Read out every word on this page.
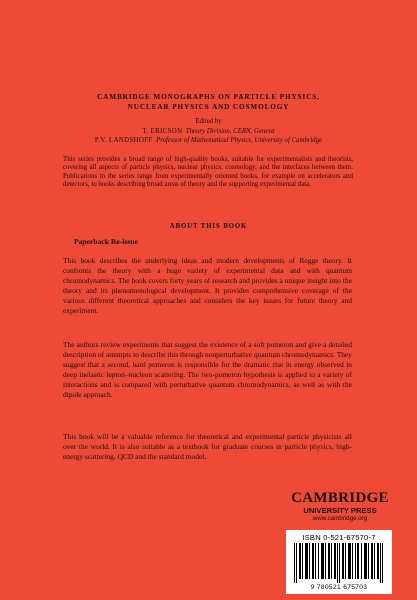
CAMBRIDGE MONOGRAPHS ON PARTICLE PHYSICS,
NUCLEAR PHYSICS AND COSMOLOGY
Edited by
T. ERICSON Theory Division, CERN, Geneva
P.V. LANDSHOFF Professor of Mathematical Physics, University of Cambridge
This series provides a broad range of high-quality books, suitable for experimentalists and theorists, covering all aspects of particle physics, nuclear physics, cosmology, and the interfaces between them. Publications in the series range from experimentally oriented books, for example on accelerators and detectors, to books describing broad areas of theory and the supporting experimental data.
ABOUT THIS BOOK
Paperback Re-issue
This book describes the underlying ideas and modern developments of Regge theory. It confronts the theory with a huge variety of experimental data and with quantum chromodynamics. The book covers forty years of research and provides a unique insight into the theory and its phenomenological development. It provides comprehensive coverage of the various different theoretical approaches and considers the key issues for future theory and experiment.
The authors review experiments that suggest the existence of a soft pomeron and give a detailed description of attempts to describe this through nonperturbative quantum chromodynamics. They suggest that a second, hard pomeron is responsible for the dramatic rise in energy observed in deep inelastic lepton–nucleon scattering. The two-pomeron hypothesis is applied to a variety of interactions and is compared with perturbative quantum chromodynamics, as well as with the dipole approach.
This book will be a valuable reference for theoretical and experimental particle physicists all over the world. It is also suitable as a textbook for graduate courses in particle physics, high-energy scattering, QCD and the standard model.
CAMBRIDGE
UNIVERSITY PRESS
www.cambridge.org
ISBN 0-521-67570-7
9 780521 675703
